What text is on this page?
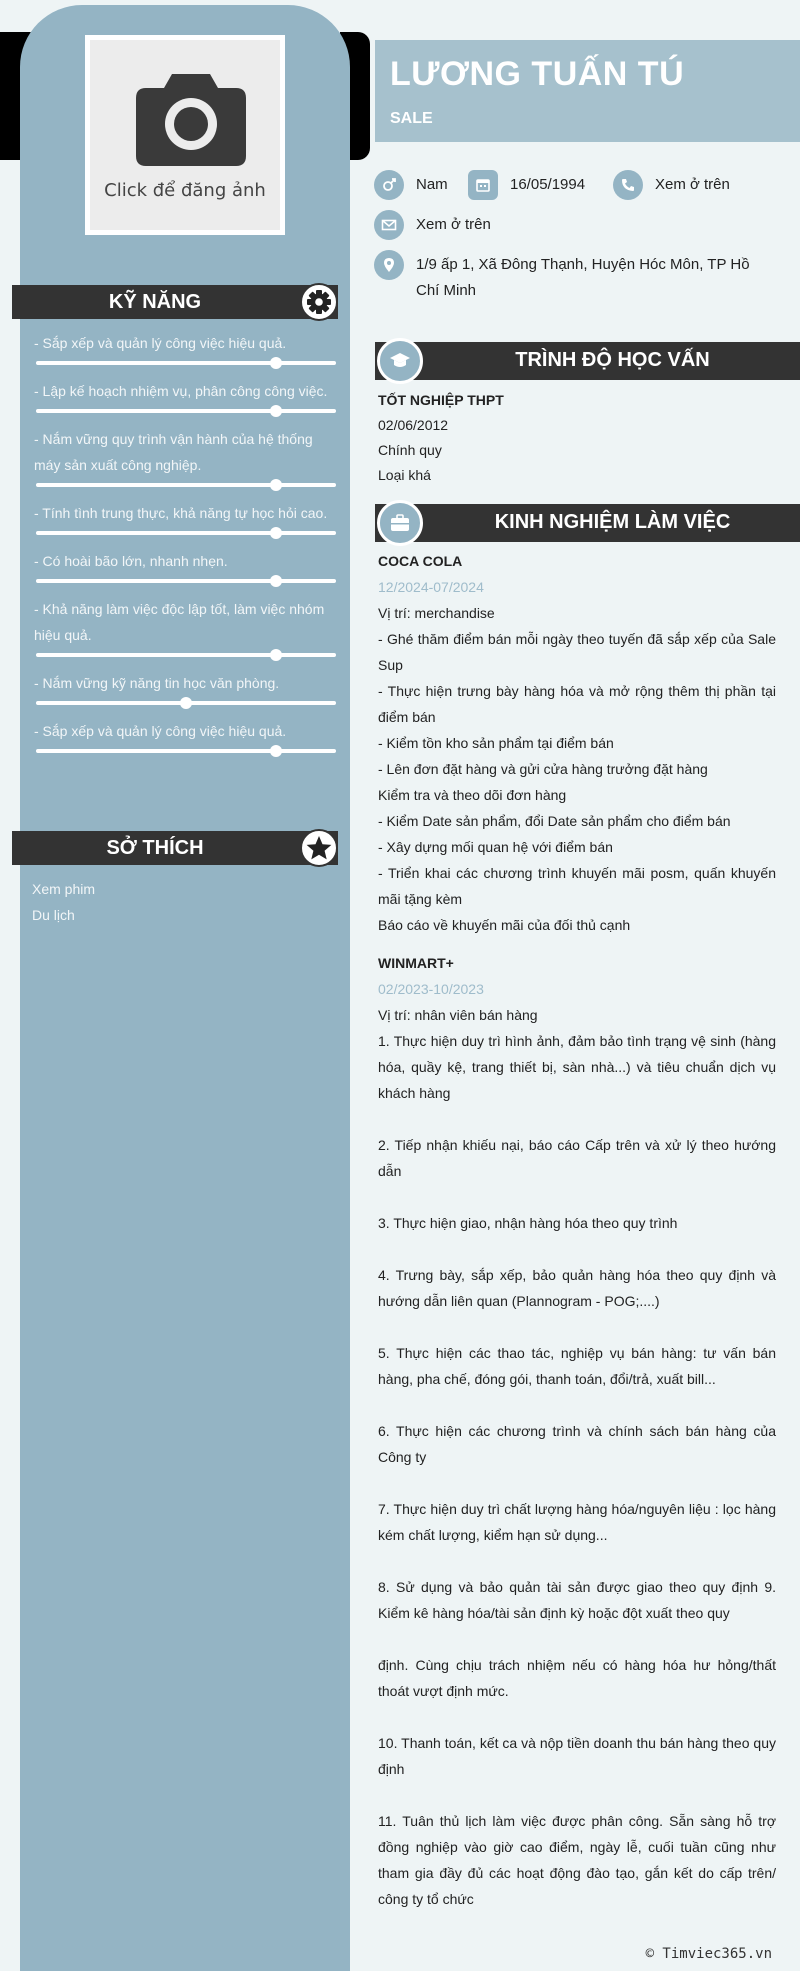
Click để đăng ảnh
KỸ NĂNG
- Sắp xếp và quản lý công việc hiệu quả.
- Lập kế hoạch nhiệm vụ, phân công công việc.
- Nắm vững quy trình vận hành của hệ thống máy sản xuất công nghiệp.
- Tính tình trung thực, khả năng tự học hỏi cao.
- Có hoài bão lớn, nhanh nhẹn.
- Khả năng làm việc độc lập tốt, làm việc nhóm hiệu quả.
- Nắm vững kỹ năng tin học văn phòng.
- Sắp xếp và quản lý công việc hiệu quả.
SỞ THÍCH
Xem phim
Du lịch
LƯƠNG TUẤN TÚ
SALE
Nam	16/05/1994	Xem ở trên
Xem ở trên
1/9 ấp 1, Xã Đông Thạnh, Huyện Hóc Môn, TP Hồ Chí Minh
TRÌNH ĐỘ HỌC VẤN
TỐT NGHIỆP THPT
02/06/2012
Chính quy
Loại khá
KINH NGHIỆM LÀM VIỆC
COCA COLA
12/2024-07/2024
Vị trí: merchandise
- Ghé thăm điểm bán mỗi ngày theo tuyến đã sắp xếp của Sale Sup
- Thực hiện trưng bày hàng hóa và mở rộng thêm thị phần tại điểm bán
- Kiểm tồn kho sản phẩm tại điểm bán
- Lên đơn đặt hàng và gửi cửa hàng trưởng đặt hàng
Kiểm tra và theo dõi đơn hàng
- Kiểm Date sản phẩm, đổi Date sản phẩm cho điểm bán
- Xây dựng mối quan hệ với điểm bán
- Triển khai các chương trình khuyến mãi posm, quấn khuyến mãi tặng kèm
Báo cáo về khuyến mãi của đối thủ cạnh
WINMART+
02/2023-10/2023
Vị trí: nhân viên bán hàng
1. Thực hiện duy trì hình ảnh, đảm bảo tình trạng vệ sinh (hàng hóa, quầy kệ, trang thiết bị, sàn nhà...) và tiêu chuẩn dịch vụ khách hàng

2. Tiếp nhận khiếu nại, báo cáo Cấp trên và xử lý theo hướng dẫn

3. Thực hiện giao, nhận hàng hóa theo quy trình

4. Trưng bày, sắp xếp, bảo quản hàng hóa theo quy định và hướng dẫn liên quan (Plannogram - POG;....)

5. Thực hiện các thao tác, nghiệp vụ bán hàng: tư vấn bán hàng, pha chế, đóng gói, thanh toán, đổi/trả, xuất bill...

6. Thực hiện các chương trình và chính sách bán hàng của Công ty

7. Thực hiện duy trì chất lượng hàng hóa/nguyên liệu : lọc hàng kém chất lượng, kiểm hạn sử dụng...

8. Sử dụng và bảo quản tài sản được giao theo quy định 9. Kiểm kê hàng hóa/tài sản định kỳ hoặc đột xuất theo quy

định. Cùng chịu trách nhiệm nếu có hàng hóa hư hỏng/thất thoát vượt định mức.

10. Thanh toán, kết ca và nộp tiền doanh thu bán hàng theo quy định

11. Tuân thủ lịch làm việc được phân công. Sẵn sàng hỗ trợ đồng nghiệp vào giờ cao điểm, ngày lễ, cuối tuần cũng như tham gia đầy đủ các hoạt động đào tạo, gắn kết do cấp trên/ công ty tổ chức
© Timviec365.vn
